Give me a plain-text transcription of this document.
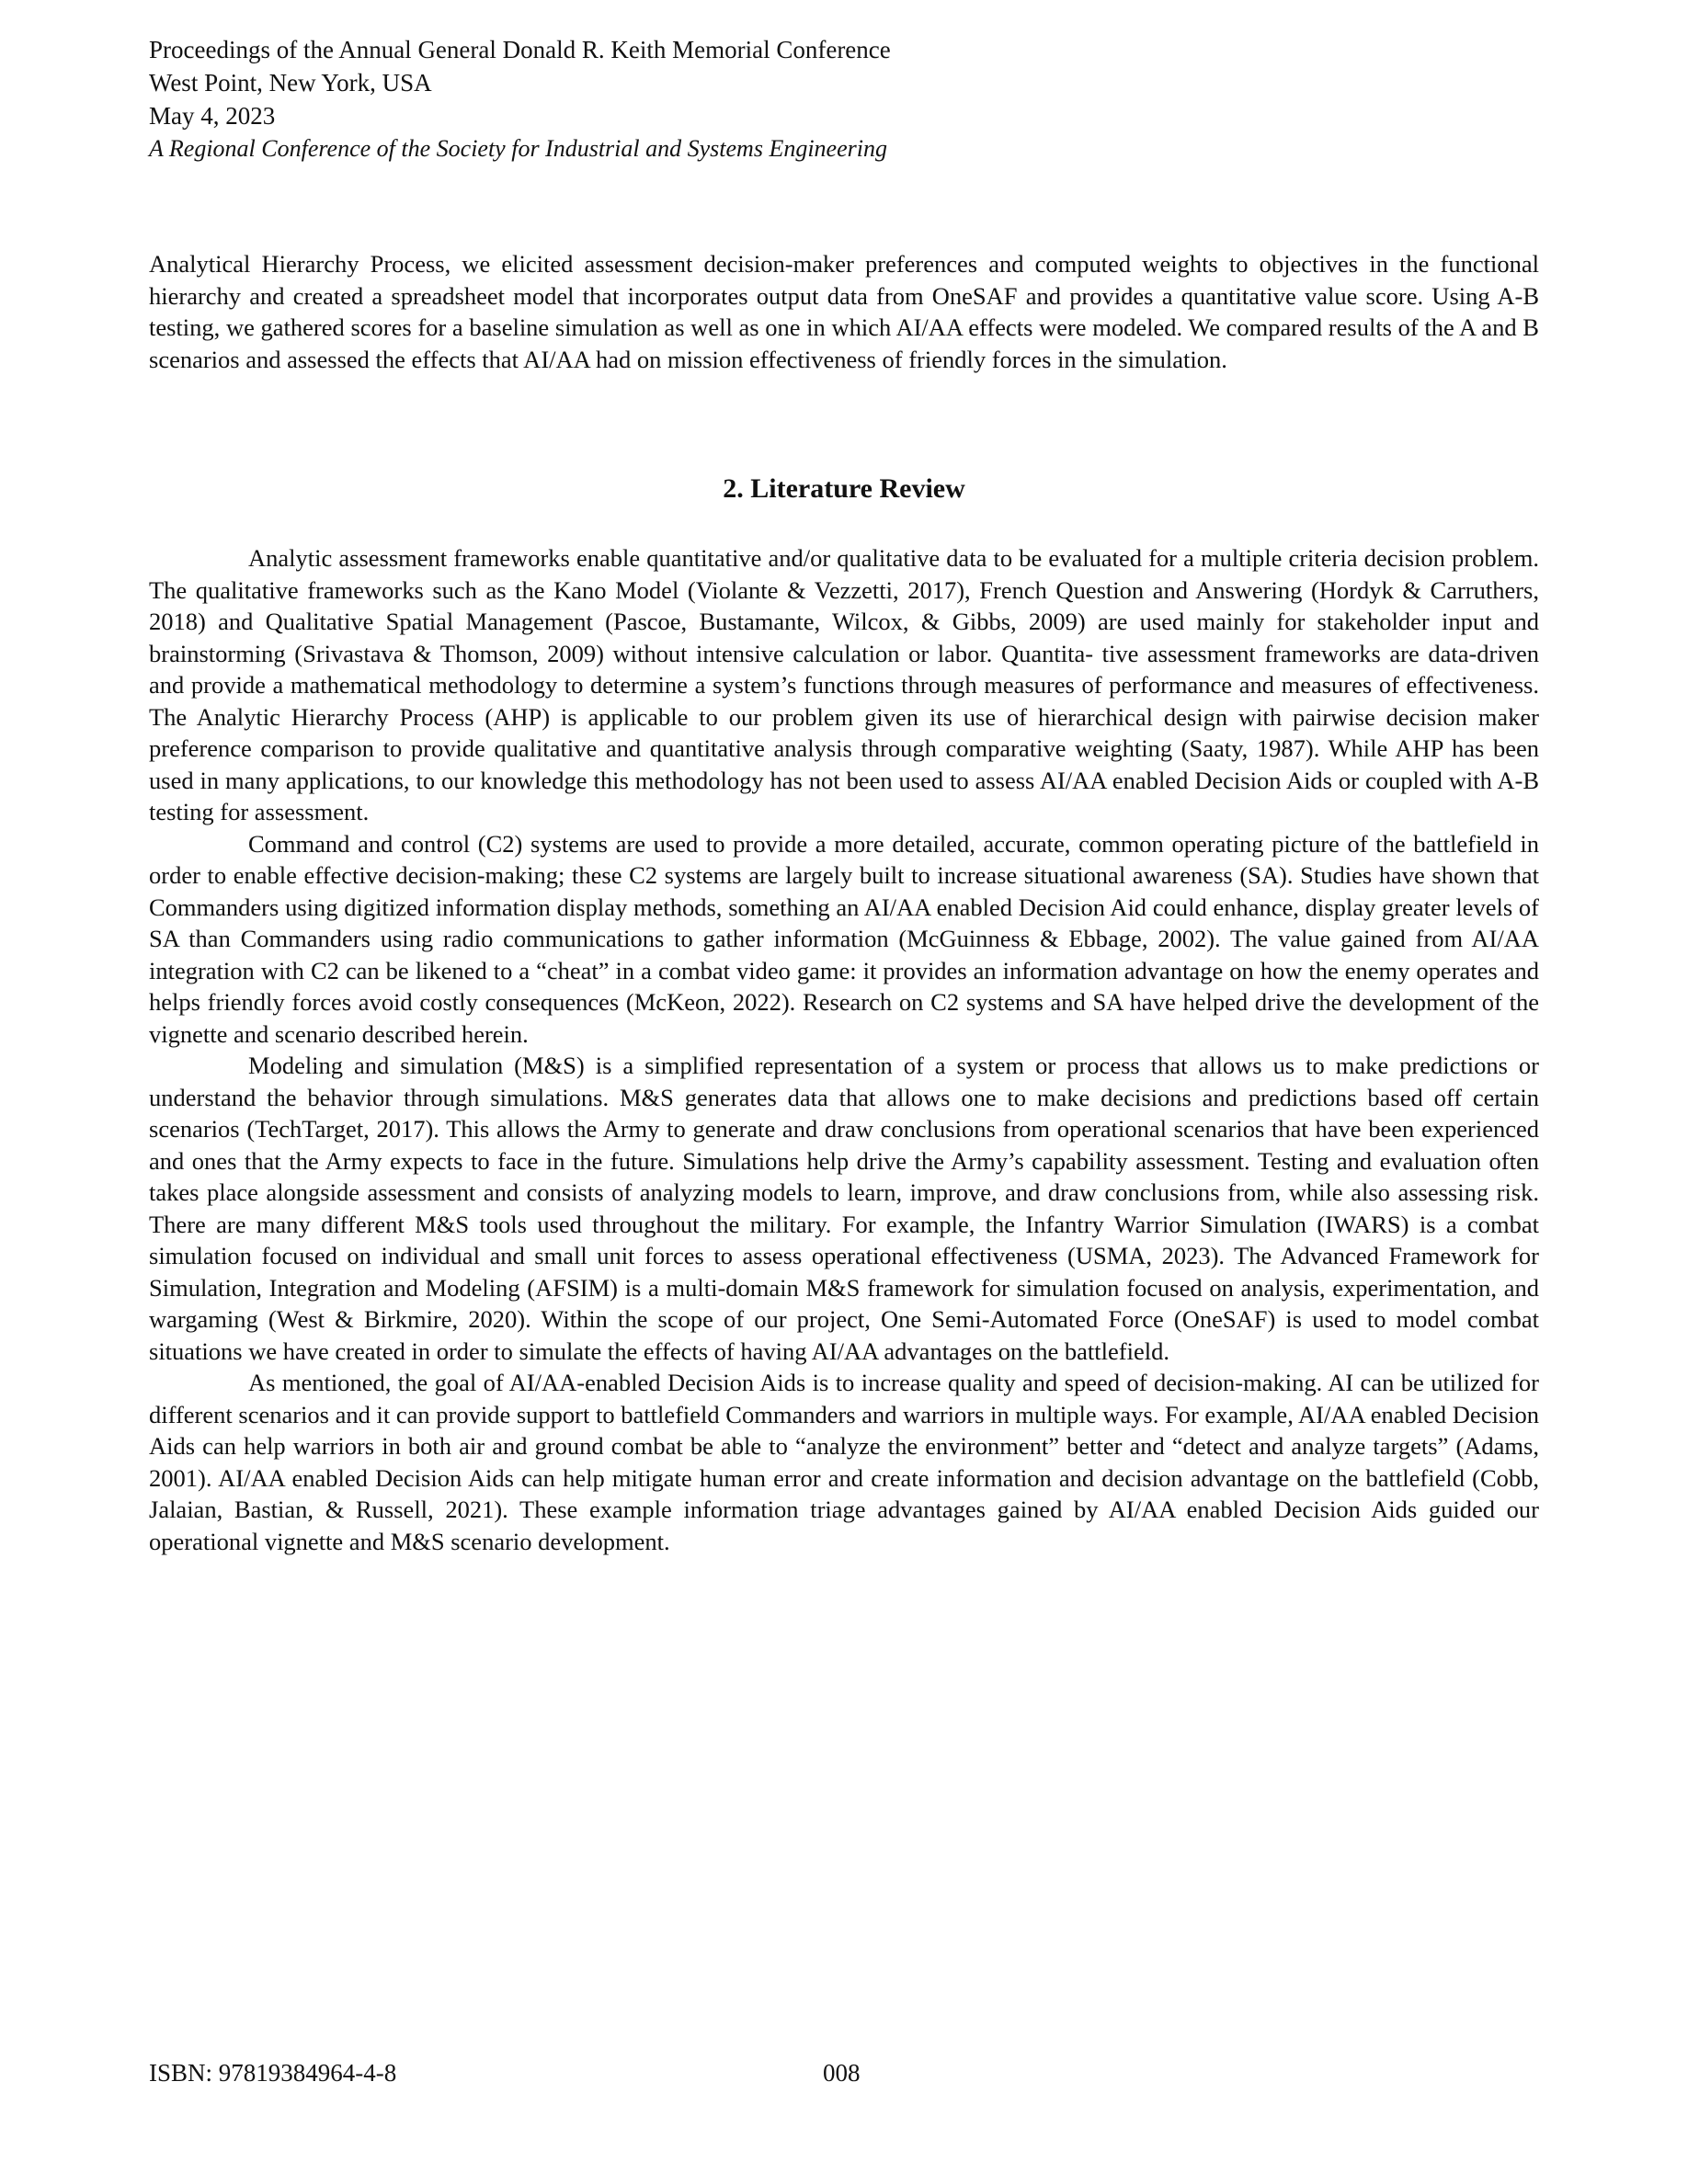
Proceedings of the Annual General Donald R. Keith Memorial Conference

West Point, New York, USA

May 4, 2023

A Regional Conference of the Society for Industrial and Systems Engineering

Analytical Hierarchy Process, we elicited assessment decision-maker preferences and computed weights to objectives in the functional hierarchy and created a spreadsheet model that incorporates output data from OneSAF and provides a quantitative value score. Using A-B testing, we gathered scores for a baseline simulation as well as one in which AI/AA effects were modeled. We compared results of the A and B scenarios and assessed the effects that AI/AA had on mission effectiveness of friendly forces in the simulation.

2. Literature Review

Analytic assessment frameworks enable quantitative and/or qualitative data to be evaluated for a multiple criteria decision problem. The qualitative frameworks such as the Kano Model (Violante & Vezzetti, 2017), French Question and Answering (Hordyk & Carruthers, 2018) and Qualitative Spatial Management (Pascoe, Bustamante, Wilcox, & Gibbs, 2009) are used mainly for stakeholder input and brainstorming (Srivastava & Thomson, 2009) without intensive calculation or labor. Quantita- tive assessment frameworks are data-driven and provide a mathematical methodology to determine a system’s functions through measures of performance and measures of effectiveness. The Analytic Hierarchy Process (AHP) is applicable to our problem given its use of hierarchical design with pairwise decision maker preference comparison to provide qualitative and quantitative analysis through comparative weighting (Saaty, 1987). While AHP has been used in many applications, to our knowledge this methodology has not been used to assess AI/AA enabled Decision Aids or coupled with A-B testing for assessment.

Command and control (C2) systems are used to provide a more detailed, accurate, common operating picture of the battlefield in order to enable effective decision-making; these C2 systems are largely built to increase situational awareness (SA). Studies have shown that Commanders using digitized information display methods, something an AI/AA enabled Decision Aid could enhance, display greater levels of SA than Commanders using radio communications to gather information (McGuinness & Ebbage, 2002). The value gained from AI/AA integration with C2 can be likened to a “cheat” in a combat video game: it provides an information advantage on how the enemy operates and helps friendly forces avoid costly consequences (McKeon, 2022). Research on C2 systems and SA have helped drive the development of the vignette and scenario described herein.

Modeling and simulation (M&S) is a simplified representation of a system or process that allows us to make predictions or understand the behavior through simulations. M&S generates data that allows one to make decisions and predictions based off certain scenarios (TechTarget, 2017). This allows the Army to generate and draw conclusions from operational scenarios that have been experienced and ones that the Army expects to face in the future. Simulations help drive the Army’s capability assessment. Testing and evaluation often takes place alongside assessment and consists of analyzing models to learn, improve, and draw conclusions from, while also assessing risk. There are many different M&S tools used throughout the military. For example, the Infantry Warrior Simulation (IWARS) is a combat simulation focused on individual and small unit forces to assess operational effectiveness (USMA, 2023). The Advanced Framework for Simulation, Integration and Modeling (AFSIM) is a multi-domain M&S framework for simulation focused on analysis, experimentation, and wargaming (West & Birkmire, 2020). Within the scope of our project, One Semi-Automated Force (OneSAF) is used to model combat situations we have created in order to simulate the effects of having AI/AA advantages on the battlefield.

As mentioned, the goal of AI/AA-enabled Decision Aids is to increase quality and speed of decision-making. AI can be utilized for different scenarios and it can provide support to battlefield Commanders and warriors in multiple ways. For example, AI/AA enabled Decision Aids can help warriors in both air and ground combat be able to “analyze the environment” better and “detect and analyze targets” (Adams, 2001). AI/AA enabled Decision Aids can help mitigate human error and create information and decision advantage on the battlefield (Cobb, Jalaian, Bastian, & Russell, 2021). These example information triage advantages gained by AI/AA enabled Decision Aids guided our operational vignette and M&S scenario development.

ISBN: 97819384964-4-8	008
